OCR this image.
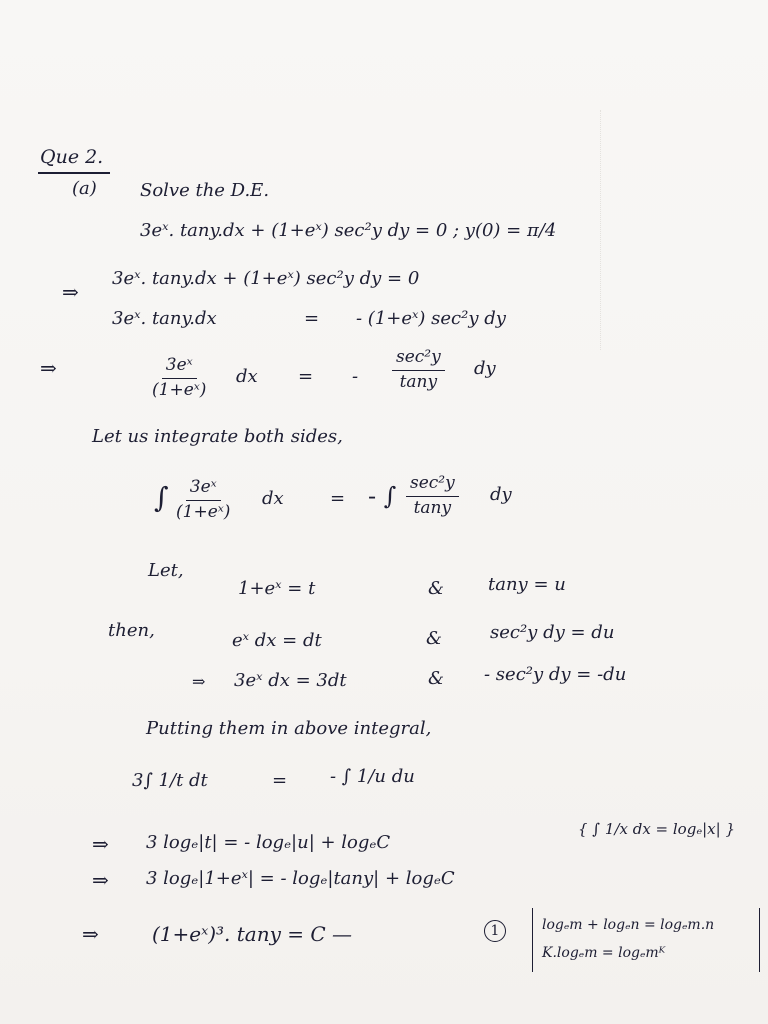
Que 2.
(a) Solve the D.E.
3eˣ. tany.dx + (1+eˣ) sec²y dy = 0 ; y(0) = π/4
⇒
3eˣ. tany.dx + (1+eˣ) sec²y dy = 0
3eˣ. tany.dx	= - (1+eˣ) sec²y dy
⇒	$\frac{\text{3eˣ}}{\text{(1+eˣ)}}$ dx = -
sec²y
tany
dy
Let us integrate both sides,
∫ $\frac{\text{3eˣ}}{\text{(1+eˣ)}}$ dx	= - ∫ sec²y
tany
dy
Let,
1+eˣ = t	& tany = u
then,	eˣ dx = dt	&	sec²y dy = du
⇒ 3eˣ dx = 3dt	& - sec²y dy = -du
Putting them in above integral,
3∫ 1/t dt	= - ∫ 1/u du
⇒ 3 logₑ|t| = - logₑ|u| + logₑC
{ ∫ 1/x dx = logₑ|x| }
⇒ 3 logₑ|1+eˣ| = - logₑ|tany| + logₑC
⇒	(1+eˣ)³. tany = C —	1	logₑm + logₑn = logₑm.n
K.logₑm = logₑmᴷ
